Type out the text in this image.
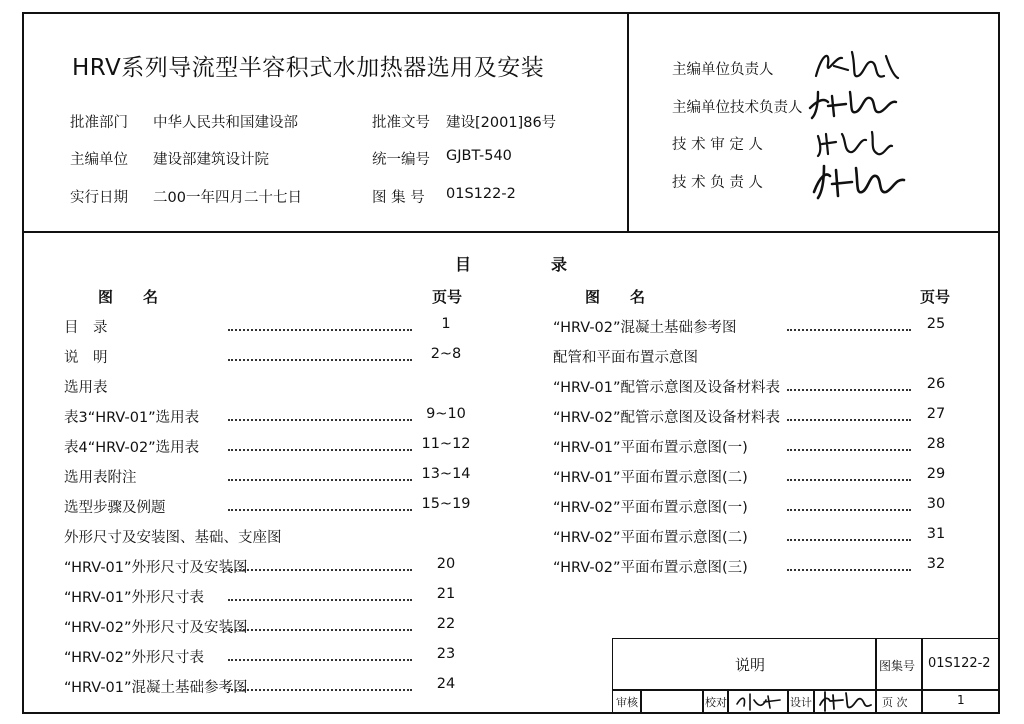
HRV系列导流型半容积式水加热器选用及安装
批准部门 中华人民共和国建设部	批准文号 建设[2001]86号
主编单位 建设部建筑设计院	统一编号 GJBT-540
实行日期 二00一年四月二十七日	图 集 号 01S122-2
主编单位负责人
主编单位技术负责人
技 术 审 定 人
技 术 负 责 人
目　　　　　录
图　　名	页号	图　　名	页号
目　录	1
说　明	2~8
选用表
表3“HRV-01”选用表	9~10
表4“HRV-02”选用表	11~12
选用表附注	13~14
选型步骤及例题	15~19
外形尺寸及安装图、基础、支座图
“HRV-01”外形尺寸及安装图	20
“HRV-01”外形尺寸表	21
“HRV-02”外形尺寸及安装图	22
“HRV-02”外形尺寸表	23
“HRV-01”混凝土基础参考图	24
“HRV-02”混凝土基础参考图	25
配管和平面布置示意图
“HRV-01”配管示意图及设备材料表	26
“HRV-02”配管示意图及设备材料表	27
“HRV-01”平面布置示意图(一)	28
“HRV-01”平面布置示意图(二)	29
“HRV-02”平面布置示意图(一)	30
“HRV-02”平面布置示意图(二)	31
“HRV-02”平面布置示意图(三)	32
说明	图集号 01S122-2
审核	校对	设计	页 次	1
